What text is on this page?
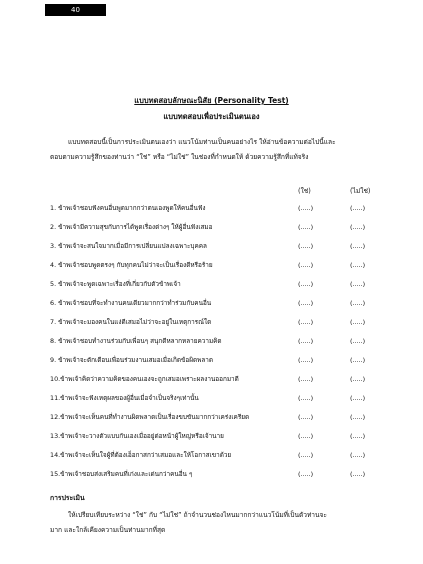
40
แบบทดสอบลักษณะนิสัย (Personality Test)
แบบทดสอบเพื่อประเมินตนเอง
แบบทดสอบนี้เป็นการประเมินตนเองว่า แนวโน้มท่านเป็นคนอย่างไร ให้อ่านข้อความต่อไปนี้และ
ตอบตามความรู้สึกของท่านว่า “ใช่” หรือ “ไม่ใช่” ในช่องที่กำหนดให้ ด้วยความรู้สึกที่แท้จริง
(ใช่)	(ไม่ใช่)
1. ข้าพเจ้าชอบฟังคนอื่นพูดมากกว่าตนเองพูดให้คนอื่นฟัง	(.....)	(.....)
2. ข้าพเจ้ามีความสุขกับการได้พูดเรื่องต่างๆ ให้ผู้อื่นฟังเสมอ	(.....)	(.....)
3. ข้าพเจ้าจะสนใจมากเมื่อมีการเปลี่ยนแปลงเฉพาะบุคคล	(.....)	(.....)
4. ข้าพเจ้าชอบพูดตรงๆ กับทุกคนไม่ว่าจะเป็นเรื่องดีหรือร้าย	(.....)	(.....)
5. ข้าพเจ้าจะพูดเฉพาะเรื่องที่เกี่ยวกับตัวข้าพเจ้า	(.....)	(.....)
6. ข้าพเจ้าชอบที่จะทำงานคนเดียวมากกว่าทำร่วมกับคนอื่น	(.....)	(.....)
7. ข้าพเจ้าจะมองคนในแง่ดีเสมอไม่ว่าจะอยู่ในเหตุการณ์ใด	(.....)	(.....)
8. ข้าพเจ้าชอบทำงานร่วมกับเพื่อนๆ สนุกดีหลากหลายความคิด	(.....)	(.....)
9. ข้าพเจ้าจะตักเตือนเพื่อนร่วมงานเสมอเมื่อเกิดข้อผิดพลาด	(.....)	(.....)
10.ข้าพเจ้าคิดว่าความคิดของคนเองจะถูกเสมอเพราะผลงานออกมาดี	(.....)	(.....)
11.ข้าพเจ้าจะฟังเหตุผลของผู้อื่นเมื่อจำเป็นจริงๆเท่านั้น	(.....)	(.....)
12.ข้าพเจ้าจะเห็นคนที่ทำงานผิดพลาดเป็นเรื่องขบขันมากกว่าเคร่งเครียด	(.....)	(.....)
13.ข้าพเจ้าจะวางตัวแบบกันเองเมื่ออยู่ต่อหน้าผู้ใหญ่หรือเจ้านาย	(.....)	(.....)
14.ข้าพเจ้าจะเห็นใจผู้ที่ต้องเอ็อกาสกว่าเสมอและให้โอกาสเขาด้วย	(.....)	(.....)
15.ข้าพเจ้าชอบส่งเสริมคนที่เก่งและเด่นกว่าคนอื่น ๆ	(.....)	(.....)
การประเมิน
ให้เปรียบเทียบระหว่าง “ใช่” กับ “ไม่ใช่” ถ้าจำนวนช่องไหนมากกว่าแนวโน้มที่เป็นตัวท่านจะ
มาก และใกล้เคียงความเป็นท่านมากที่สุด
